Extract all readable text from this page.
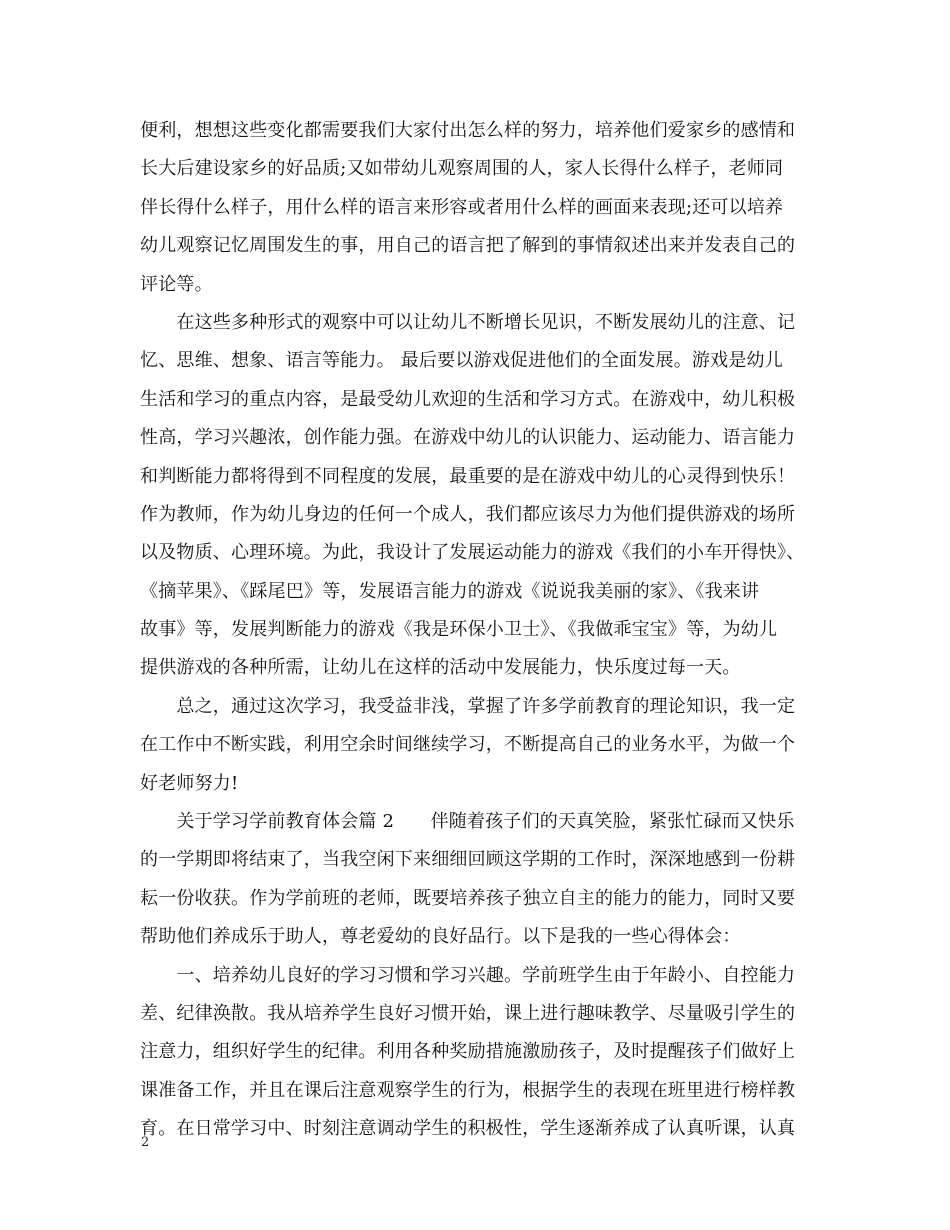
便利，想想这些变化都需要我们大家付出怎么样的努力，培养他们爱家乡的感情和
长大后建设家乡的好品质;又如带幼儿观察周围的人，家人长得什么样子，老师同
伴长得什么样子，用什么样的语言来形容或者用什么样的画面来表现;还可以培养
幼儿观察记忆周围发生的事，用自己的语言把了解到的事情叙述出来并发表自己的
评论等。
　　在这些多种形式的观察中可以让幼儿不断增长见识，不断发展幼儿的注意、记
忆、思维、想象、语言等能力。 最后要以游戏促进他们的全面发展。游戏是幼儿
生活和学习的重点内容，是最受幼儿欢迎的生活和学习方式。在游戏中，幼儿积极
性高，学习兴趣浓，创作能力强。在游戏中幼儿的认识能力、运动能力、语言能力
和判断能力都将得到不同程度的发展，最重要的是在游戏中幼儿的心灵得到快乐！
作为教师，作为幼儿身边的任何一个成人，我们都应该尽力为他们提供游戏的场所
以及物质、心理环境。为此，我设计了发展运动能力的游戏《我们的小车开得快》、
《摘苹果》、《踩尾巴》等，发展语言能力的游戏《说说我美丽的家》、《我来讲
故事》等，发展判断能力的游戏《我是环保小卫士》、《我做乖宝宝》等，为幼儿
提供游戏的各种所需，让幼儿在这样的活动中发展能力，快乐度过每一天。
　　总之，通过这次学习，我受益非浅，掌握了许多学前教育的理论知识，我一定
在工作中不断实践，利用空余时间继续学习，不断提高自己的业务水平，为做一个
好老师努力!
　　关于学习学前教育体会篇 2　　伴随着孩子们的天真笑脸，紧张忙碌而又快乐
的一学期即将结束了，当我空闲下来细细回顾这学期的工作时，深深地感到一份耕
耘一份收获。作为学前班的老师，既要培养孩子独立自主的能力的能力，同时又要
帮助他们养成乐于助人，尊老爱幼的良好品行。以下是我的一些心得体会：
　　一、培养幼儿良好的学习习惯和学习兴趣。学前班学生由于年龄小、自控能力
差、纪律涣散。我从培养学生良好习惯开始，课上进行趣味教学、尽量吸引学生的
注意力，组织好学生的纪律。利用各种奖励措施激励孩子，及时提醒孩子们做好上
课准备工作，并且在课后注意观察学生的行为，根据学生的表现在班里进行榜样教
育。在日常学习中、时刻注意调动学生的积极性，学生逐渐养成了认真听课，认真
2
